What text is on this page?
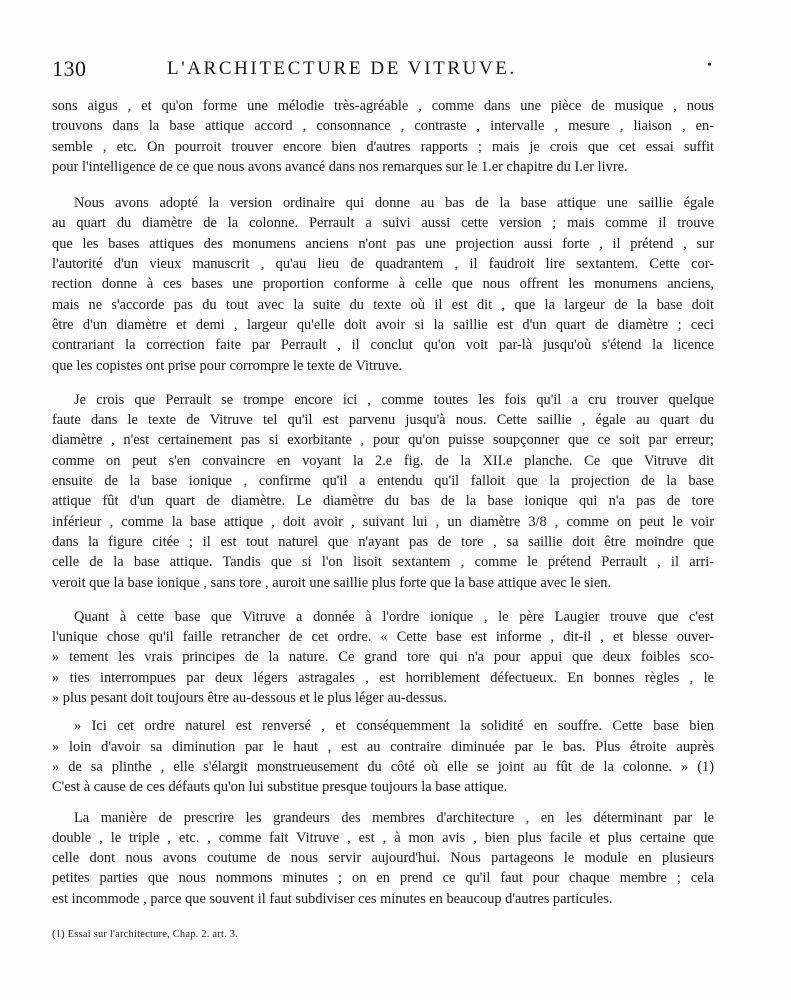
130	L'ARCHITECTURE DE VITRUVE.	•
sons aigus , et qu'on forme une mélodie très-agréable , comme dans une pièce de musique , nous
trouvons dans la base attique accord , consonnance , contraste , intervalle , mesure , liaison , en-
semble , etc. On pourroit trouver encore bien d'autres rapports ; mais je crois que cet essai suffit
pour l'intelligence de ce que nous avons avancé dans nos remarques sur le 1.er chapitre du I.er livre.
Nous avons adopté la version ordinaire qui donne au bas de la base attique une saillie égale
au quart du diamètre de la colonne. Perrault a suivi aussi cette version ; mais comme il trouve
que les bases attiques des monumens anciens n'ont pas une projection aussi forte , il prétend , sur
l'autorité d'un vieux manuscrit , qu'au lieu de quadrantem , il faudroit lire sextantem. Cette cor-
rection donne à ces bases une proportion conforme à celle que nous offrent les monumens anciens,
mais ne s'accorde pas du tout avec la suite du texte où il est dit , que la largeur de la base doit
être d'un diamètre et demi , largeur qu'elle doit avoir si la saillie est d'un quart de diamètre ; ceci
contrariant la correction faite par Perrault , il conclut qu'on voit par-là jusqu'où s'étend la licence
que les copistes ont prise pour corrompre le texte de Vitruve.
Je crois que Perrault se trompe encore ici , comme toutes les fois qu'il a cru trouver quelque
faute dans le texte de Vitruve tel qu'il est parvenu jusqu'à nous. Cette saillie , égale au quart du
diamètre , n'est certainement pas si exorbitante , pour qu'on puisse soupçonner que ce soit par erreur;
comme on peut s'en convaincre en voyant la 2.e fig. de la XII.e planche. Ce que Vitruve dit
ensuite de la base ionique , confirme qu'il a entendu qu'il falloit que la projection de la base
attique fût d'un quart de diamètre. Le diamètre du bas de la base ionique qui n'a pas de tore
inférieur , comme la base attique , doit avoir , suivant lui , un diamètre 3/8 , comme on peut le voir
dans la figure citée ; il est tout naturel que n'ayant pas de tore , sa saillie doit être moindre que
celle de la base attique. Tandis que si l'on lisoit sextantem , comme le prétend Perrault , il arri-
veroit que la base ionique , sans tore , auroit une saillie plus forte que la base attique avec le sien.
Quant à cette base que Vitruve a donnée à l'ordre ionique , le père Laugier trouve que c'est
l'unique chose qu'il faille retrancher de cet ordre. « Cette base est informe , dit-il , et blesse ouver-
» tement les vrais principes de la nature. Ce grand tore qui n'a pour appui que deux foibles sco-
» ties interrompues par deux légers astragales , est horriblement défectueux. En bonnes règles , le
» plus pesant doit toujours être au-dessous et le plus léger au-dessus.
» Ici cet ordre naturel est renversé , et conséquemment la solidité en souffre. Cette base bien
» loin d'avoir sa diminution par le haut , est au contraire diminuée par le bas. Plus étroite auprès
» de sa plinthe , elle s'élargit monstrueusement du côté où elle se joint au fût de la colonne. » (1)
C'est à cause de ces défauts qu'on lui substitue presque toujours la base attique.
La manière de prescrire les grandeurs des membres d'architecture , en les déterminant par le
double , le triple , etc. , comme fait Vitruve , est , à mon avis , bien plus facile et plus certaine que
celle dont nous avons coutume de nous servir aujourd'hui. Nous partageons le module en plusieurs
petites parties que nous nommons minutes ; on en prend ce qu'il faut pour chaque membre ; cela
est incommode , parce que souvent il faut subdiviser ces minutes en beaucoup d'autres particules.
(1) Essai sur l'architecture, Chap. 2. art. 3.
